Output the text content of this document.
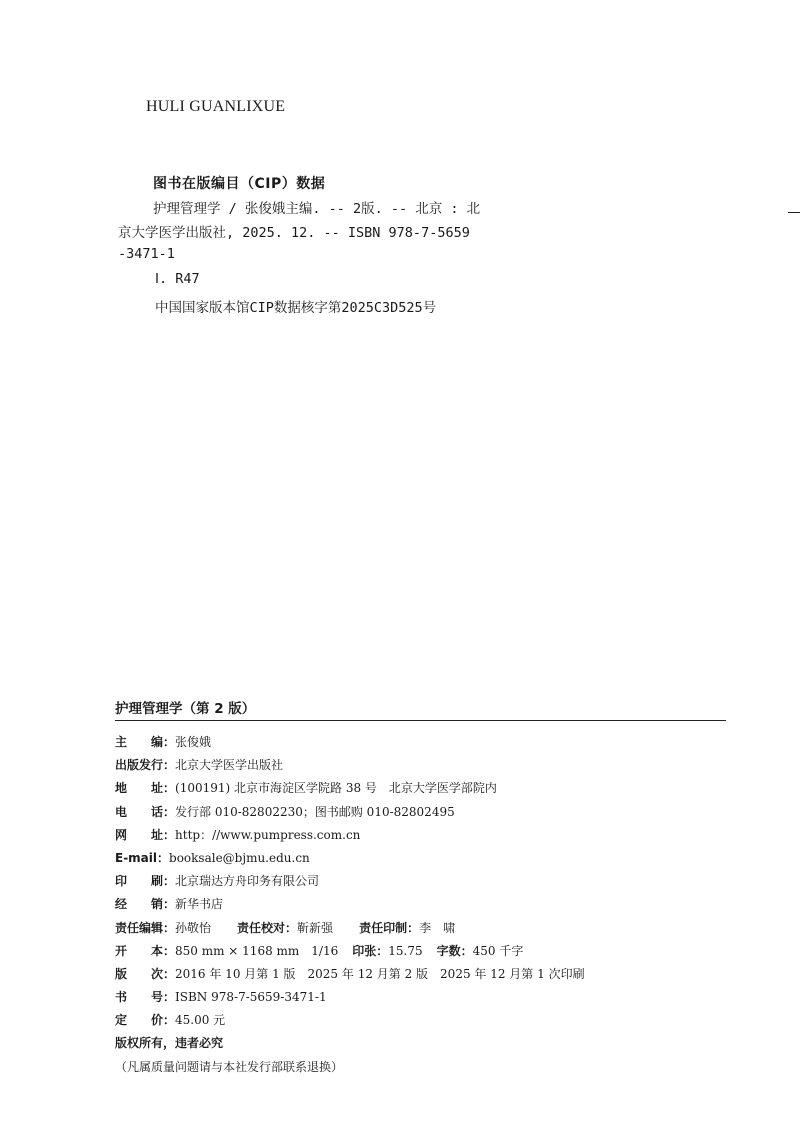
HULI GUANLIXUE
图书在版编目（CIP）数据
护理管理学 / 张俊娥主编. -- 2版. -- 北京 : 北
京大学医学出版社, 2025. 12. -- ISBN 978-7-5659
-3471-1
Ⅰ. R47
中国国家版本馆CIP数据核字第2025C3D525号
护理管理学（第 2 版）
主　　编：张俊娥
出版发行：北京大学医学出版社
地　　址：(100191) 北京市海淀区学院路 38 号　北京大学医学部院内
电　　话：发行部 010-82802230；图书邮购 010-82802495
网　　址：http：//www.pumpress.com.cn
E-mail：booksale@bjmu.edu.cn
印　　刷：北京瑞达方舟印务有限公司
经　　销：新华书店
责任编辑：孙敬怡 责任校对：靳新强 责任印制：李　啸
开　　本：850 mm × 1168 mm　1/16 印张：15.75 字数：450 千字
版　　次：2016 年 10 月第 1 版　2025 年 12 月第 2 版　2025 年 12 月第 1 次印刷
书　　号：ISBN 978-7-5659-3471-1
定　　价：45.00 元
版权所有，违者必究
（凡属质量问题请与本社发行部联系退换）
